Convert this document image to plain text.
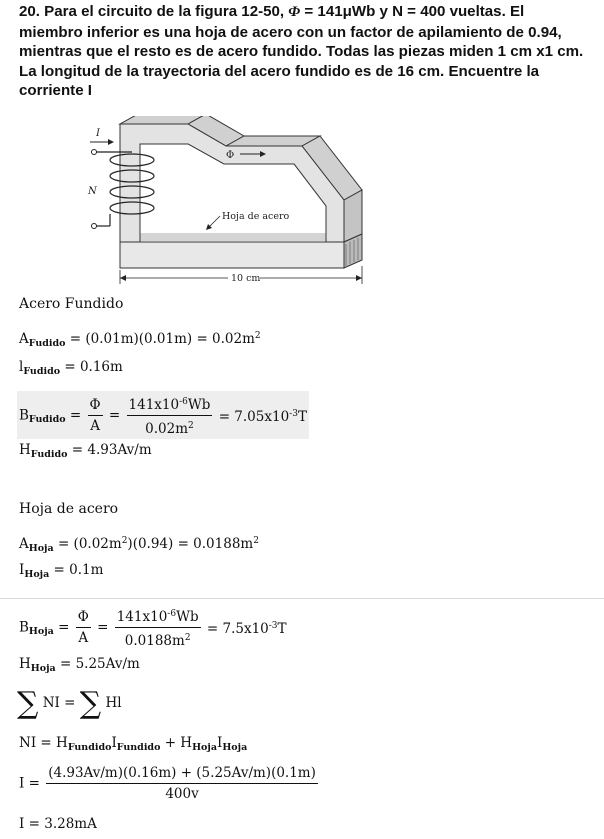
20. Para el circuito de la figura 12-50, Φ = 141μWb y N = 400 vueltas. El miembro inferior es una hoja de acero con un factor de apilamiento de 0.94, mientras que el resto es de acero fundido. Todas las piezas miden 1 cm x1 cm. La longitud de la trayectoria del acero fundido es de 16 cm. Encuentre la corriente I

I
N
Φ
Hoja de acero
10 cm
Acero Fundido
$A_{Fudido} = (0.01m)(0.01m) = 0.02m^2$
$l_{Fudido} = 0.16m$
$B_{Fudido} = \frac{\Phi}{A} = \frac{141x10^{-6}Wb}{0.02m^2} = 7.05x10^{-3}T$
$H_{Fudido} = 4.93Av/m$
Hoja de acero
$A_{Hoja} = (0.02m^2)(0.94) = 0.0188m^2$
$I_{Hoja} = 0.1m$
$B_{Hoja} = \frac{\Phi}{A} = \frac{141x10^{-6}Wb}{0.0188m^2} = 7.5x10^{-3}T$
$H_{Hoja} = 5.25Av/m$
∑ NI = ∑ Hl
NI = $H_{Fundido}I_{Fundido} + H_{Hoja}I_{Hoja}$
$I = \frac{(4.93Av/m)(0.16m) + (5.25Av/m)(0.1m)}{400v}$
I = 3.28mA
